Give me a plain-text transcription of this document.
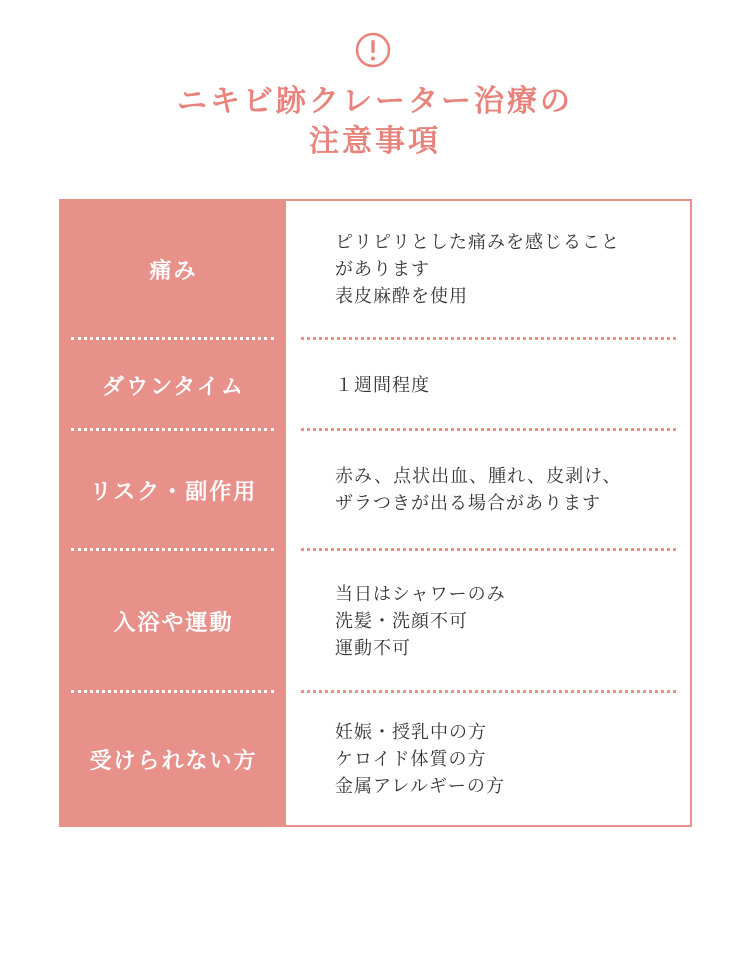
ニキビ跡クレーター治療の
注意事項
痛み
ピリピリとした痛みを感じること
があります
表皮麻酔を使用
ダウンタイム	１週間程度
リスク・副作用
赤み、点状出血、腫れ、皮剥け、
ザラつきが出る場合があります
入浴や運動
当日はシャワーのみ
洗髪・洗顔不可
運動不可
受けられない方
妊娠・授乳中の方
ケロイド体質の方
金属アレルギーの方
